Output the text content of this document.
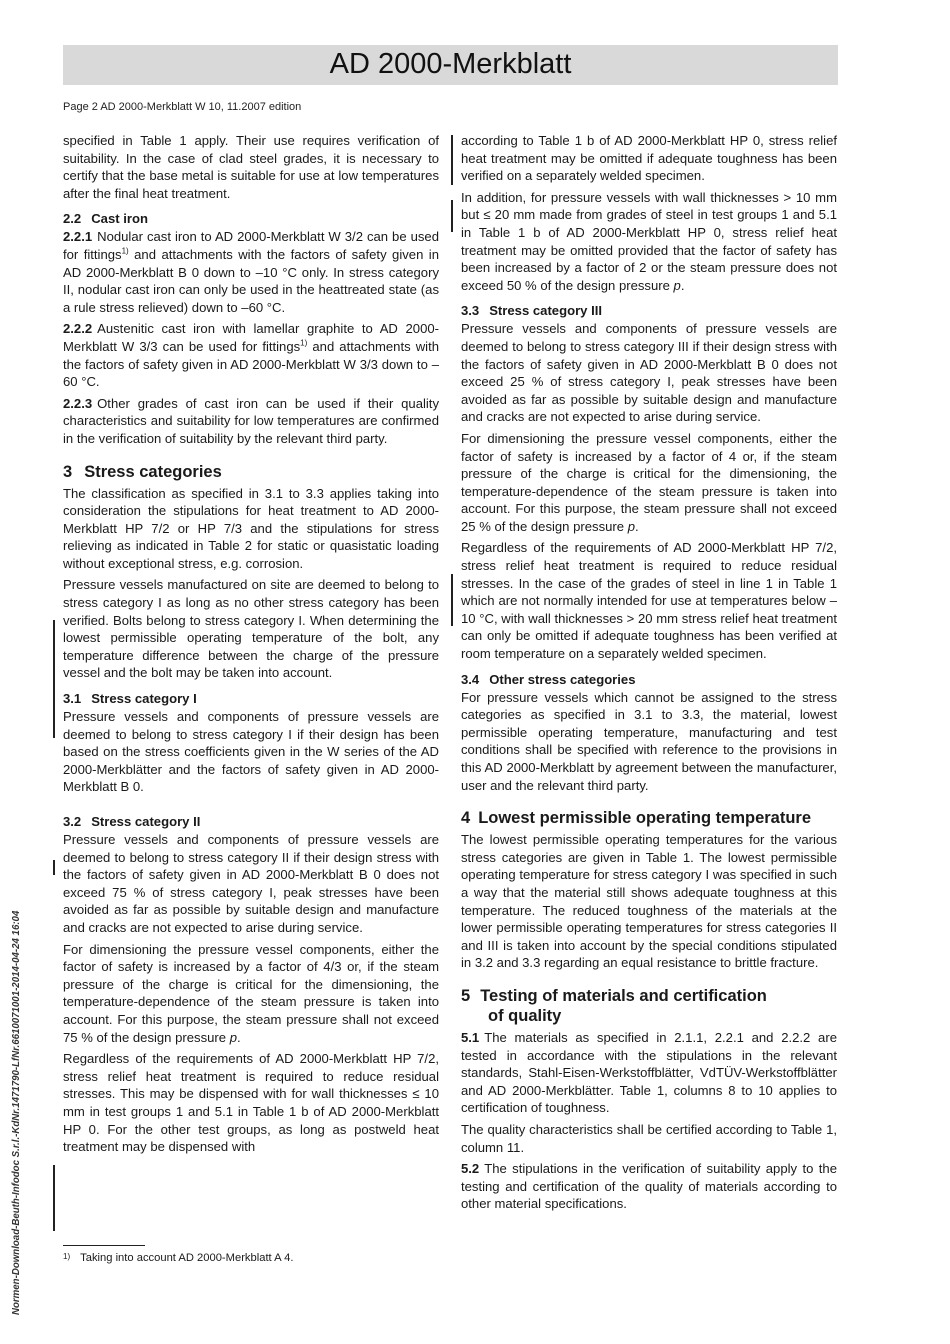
AD 2000-Merkblatt
Page 2 AD 2000-Merkblatt W 10, 11.2007 edition

specified in Table 1 apply. Their use requires verification of suitability. In the case of clad steel grades, it is necessary to certify that the base metal is suitable for use at low temperatures after the final heat treatment.

2.2 Cast iron

2.2.1 Nodular cast iron to AD 2000-Merkblatt W 3/2 can be used for fittings$^{1)}$ and attachments with the factors of safety given in AD 2000-Merkblatt B 0 down to –10 °C only. In stress category II, nodular cast iron can only be used in the heattreated state (as a rule stress relieved) down to –60 °C.

2.2.2 Austenitic cast iron with lamellar graphite to AD 2000-Merkblatt W 3/3 can be used for fittings$^{1)}$ and attachments with the factors of safety given in AD 2000-Merkblatt W 3/3 down to –60 °C.

2.2.3 Other grades of cast iron can be used if their quality characteristics and suitability for low temperatures are confirmed in the verification of suitability by the relevant third party.

3 Stress categories

The classification as specified in 3.1 to 3.3 applies taking into consideration the stipulations for heat treatment to AD 2000-Merkblatt HP 7/2 or HP 7/3 and the stipulations for stress relieving as indicated in Table 2 for static or quasistatic loading without exceptional stress, e.g. corrosion.

Pressure vessels manufactured on site are deemed to belong to stress category I as long as no other stress category has been verified. Bolts belong to stress category I. When determining the lowest permissible operating temperature of the bolt, any temperature difference between the charge of the pressure vessel and the bolt may be taken into account.

3.1 Stress category I

Pressure vessels and components of pressure vessels are deemed to belong to stress category I if their design has been based on the stress coefficients given in the W series of the AD 2000-Merkblätter and the factors of safety given in AD 2000-Merkblatt B 0.

3.2 Stress category II

Pressure vessels and components of pressure vessels are deemed to belong to stress category II if their design stress with the factors of safety given in AD 2000-Merkblatt B 0 does not exceed 75 % of stress category I, peak stresses have been avoided as far as possible by suitable design and manufacture and cracks are not expected to arise during service.

For dimensioning the pressure vessel components, either the factor of safety is increased by a factor of 4/3 or, if the steam pressure of the charge is critical for the dimensioning, the temperature-dependence of the steam pressure is taken into account. For this purpose, the steam pressure shall not exceed 75 % of the design pressure p.

Regardless of the requirements of AD 2000-Merkblatt HP 7/2, stress relief heat treatment is required to reduce residual stresses. This may be dispensed with for wall thicknesses ≤ 10 mm in test groups 1 and 5.1 in Table 1 b of AD 2000-Merkblatt HP 0. For the other test groups, as long as postweld heat treatment may be dispensed with

according to Table 1 b of AD 2000-Merkblatt HP 0, stress relief heat treatment may be omitted if adequate toughness has been verified on a separately welded specimen.

In addition, for pressure vessels with wall thicknesses > 10 mm but ≤ 20 mm made from grades of steel in test groups 1 and 5.1 in Table 1 b of AD 2000-Merkblatt HP 0, stress relief heat treatment may be omitted provided that the factor of safety has been increased by a factor of 2 or the steam pressure does not exceed 50 % of the design pressure p.

3.3 Stress category III

Pressure vessels and components of pressure vessels are deemed to belong to stress category III if their design stress with the factors of safety given in AD 2000-Merkblatt B 0 does not exceed 25 % of stress category I, peak stresses have been avoided as far as possible by suitable design and manufacture and cracks are not expected to arise during service.

For dimensioning the pressure vessel components, either the factor of safety is increased by a factor of 4 or, if the steam pressure of the charge is critical for the dimensioning, the temperature-dependence of the steam pressure is taken into account. For this purpose, the steam pressure shall not exceed 25 % of the design pressure p.

Regardless of the requirements of AD 2000-Merkblatt HP 7/2, stress relief heat treatment is required to reduce residual stresses. In the case of the grades of steel in line 1 in Table 1 which are not normally intended for use at temperatures below –10 °C, with wall thicknesses > 20 mm stress relief heat treatment can only be omitted if adequate toughness has been verified at room temperature on a separately welded specimen.

3.4 Other stress categories

For pressure vessels which cannot be assigned to the stress categories as specified in 3.1 to 3.3, the material, lowest permissible operating temperature, manufacturing and test conditions shall be specified with reference to the provisions in this AD 2000-Merkblatt by agreement between the manufacturer, user and the relevant third party.

4 Lowest permissible operating temperature

The lowest permissible operating temperatures for the various stress categories are given in Table 1. The lowest permissible operating temperature for stress category I was specified in such a way that the material still shows adequate toughness at this temperature. The reduced toughness of the materials at the lower permissible operating temperatures for stress categories II and III is taken into account by the special conditions stipulated in 3.2 and 3.3 regarding an equal resistance to brittle fracture.

5 Testing of materials and certification
of quality

5.1 The materials as specified in 2.1.1, 2.2.1 and 2.2.2 are tested in accordance with the stipulations in the relevant standards, Stahl-Eisen-Werkstoffblätter, VdTÜV-Werkstoffblätter and AD 2000-Merkblätter. Table 1, columns 8 to 10 applies to certification of toughness.

The quality characteristics shall be certified according to Table 1, column 11.

5.2 The stipulations in the verification of suitability apply to the testing and certification of the quality of materials according to other material specifications.

$^{1)}$ Taking into account AD 2000-Merkblatt A 4.
Normen-Download-Beuth-Infodoc S.r.l.-KdNr.1471790-LfNr.6610071001-2014-04-24 16:04
